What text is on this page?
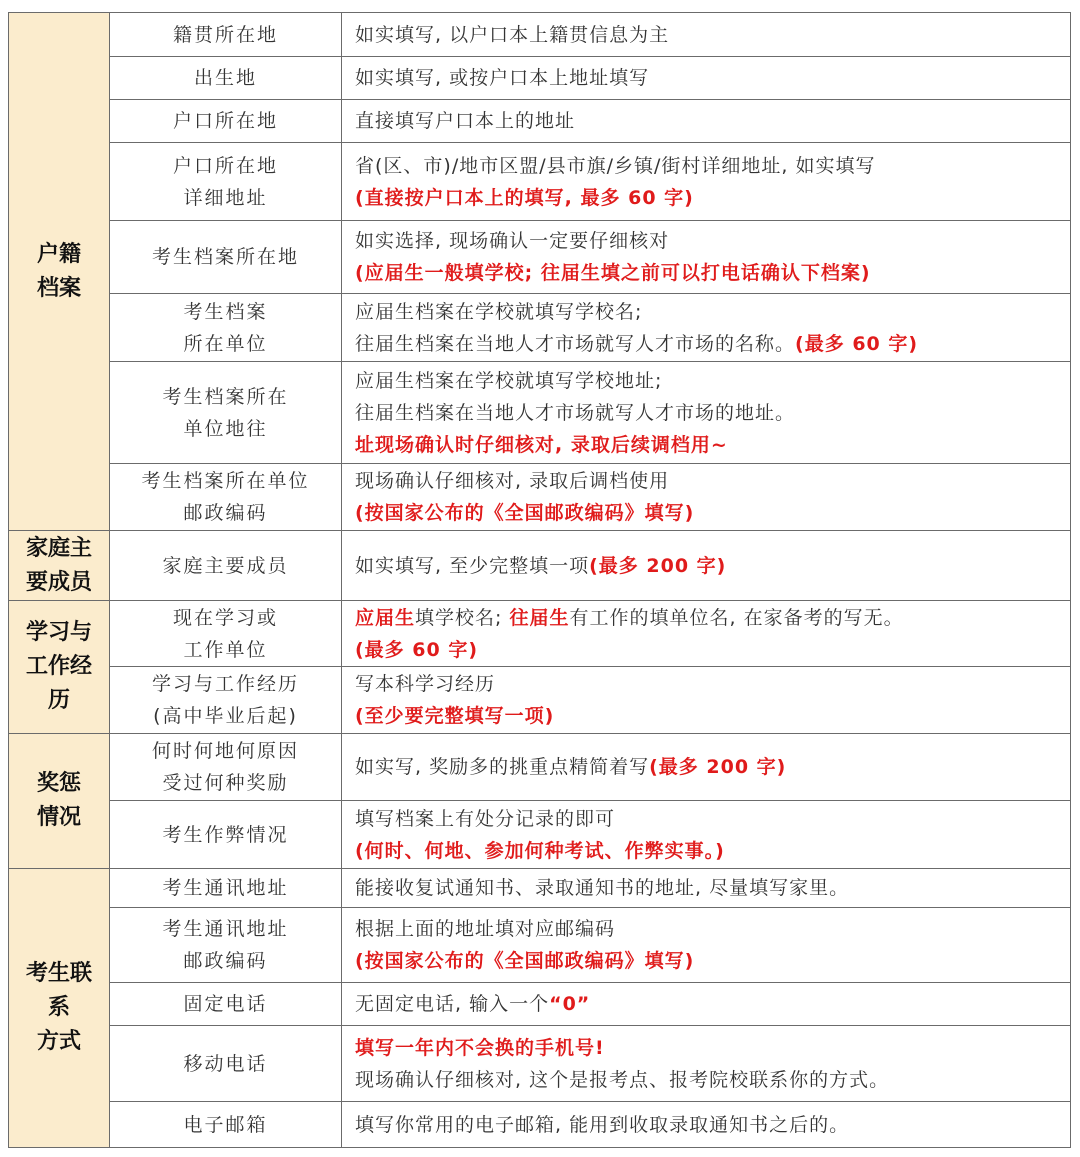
户籍
档案	籍贯所在地	如实填写, 以户口本上籍贯信息为主

	出生地	如实填写, 或按户口本上地址填写

	户口所在地	直接填写户口本上的地址

	户口所在地
详细地址	省(区、市)/地市区盟/县市旗/乡镇/街村详细地址, 如实填写
(直接按户口本上的填写, 最多 60 字)

	考生档案所在地	如实选择, 现场确认一定要仔细核对
(应届生一般填学校; 往届生填之前可以打电话确认下档案)

	考生档案
所在单位	应届生档案在学校就填写学校名;
往届生档案在当地人才市场就写人才市场的名称。(最多 60 字)

	考生档案所在
单位地往	应届生档案在学校就填写学校地址;
往届生档案在当地人才市场就写人才市场的地址。
址现场确认时仔细核对, 录取后续调档用~

	考生档案所在单位
邮政编码	现场确认仔细核对, 录取后调档使用
(按国家公布的《全国邮政编码》填写)

家庭主
要成员	家庭主要成员	如实填写, 至少完整填一项(最多 200 字)

学习与
工作经
历	现在学习或
工作单位	应届生填学校名; 往届生有工作的填单位名, 在家备考的写无。
(最多 60 字)

	学习与工作经历
(高中毕业后起)	写本科学习经历
(至少要完整填写一项)

奖惩
情况	何时何地何原因
受过何种奖励	如实写, 奖励多的挑重点精简着写(最多 200 字)

	考生作弊情况	填写档案上有处分记录的即可
(何时、何地、参加何种考试、作弊实事。)

考生联
系
方式	考生通讯地址	能接收复试通知书、录取通知书的地址, 尽量填写家里。

	考生通讯地址
邮政编码	根据上面的地址填对应邮编码
(按国家公布的《全国邮政编码》填写)

	固定电话	无固定电话, 输入一个“0”

	移动电话	填写一年内不会换的手机号!
现场确认仔细核对, 这个是报考点、报考院校联系你的方式。

	电子邮箱	填写你常用的电子邮箱, 能用到收取录取通知书之后的。
